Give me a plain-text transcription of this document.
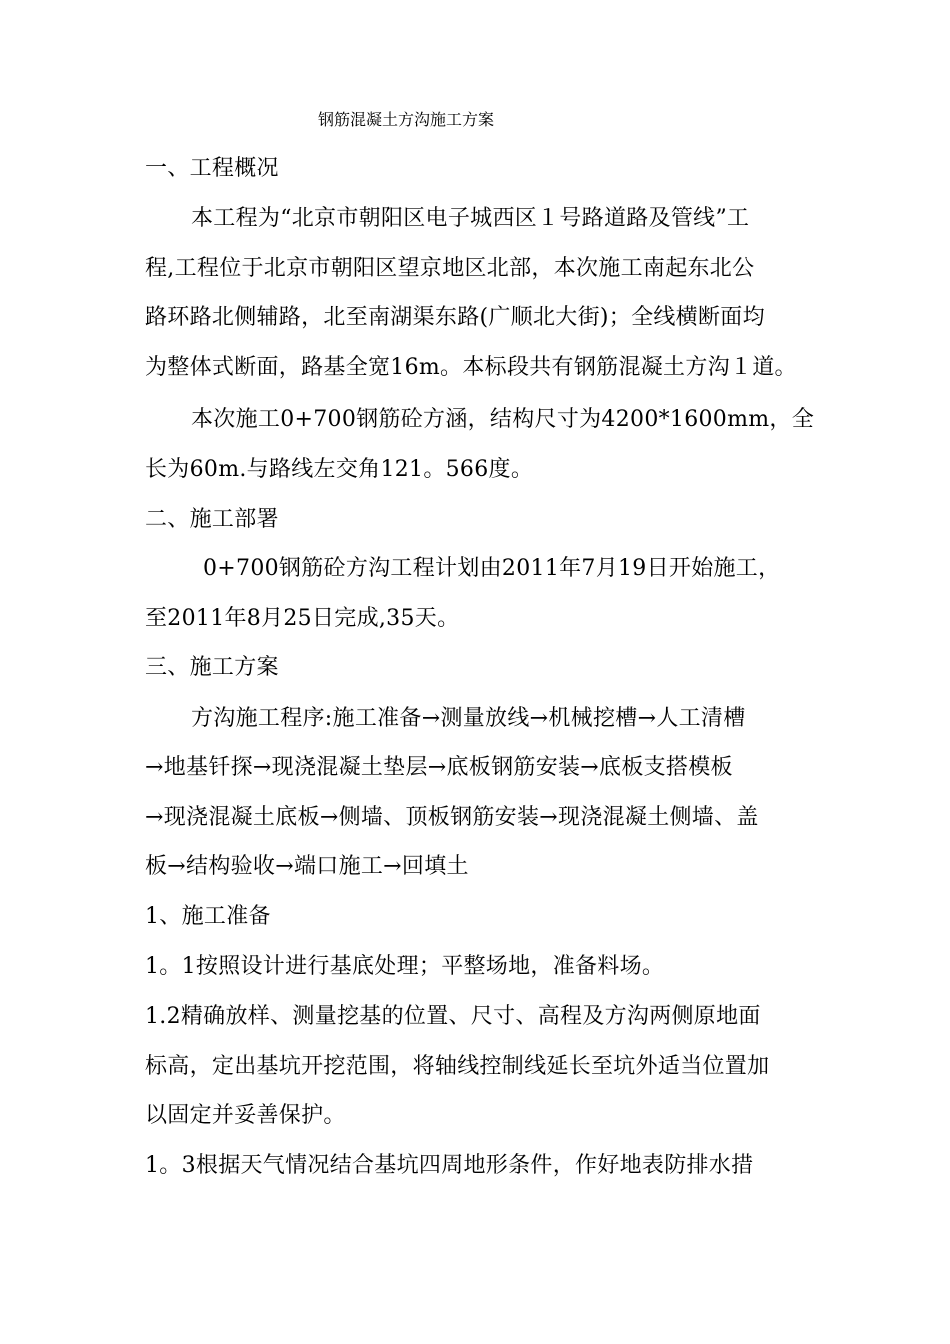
钢筋混凝土方沟施工方案
一、工程概况
本工程为“北京市朝阳区电子城西区１号路道路及管线”工
程,工程位于北京市朝阳区望京地区北部，本次施工南起东北公
路环路北侧辅路，北至南湖渠东路(广顺北大街)；全线横断面均
为整体式断面，路基全宽16m。本标段共有钢筋混凝土方沟１道。
本次施工0+700钢筋砼方涵，结构尺寸为4200*1600mm，全
长为60m.与路线左交角121。566度。
二、施工部署
0+700钢筋砼方沟工程计划由2011年7月19日开始施工，
至2011年8月25日完成,35天。
三、施工方案
方沟施工程序:施工准备→测量放线→机械挖槽→人工清槽
→地基钎探→现浇混凝土垫层→底板钢筋安装→底板支搭模板
→现浇混凝土底板→侧墙、顶板钢筋安装→现浇混凝土侧墙、盖
板→结构验收→端口施工→回填土
1、施工准备
1。1按照设计进行基底处理；平整场地，准备料场。
1.2精确放样、测量挖基的位置、尺寸、高程及方沟两侧原地面
标高，定出基坑开挖范围，将轴线控制线延长至坑外适当位置加
以固定并妥善保护。
1。3根据天气情况结合基坑四周地形条件，作好地表防排水措
